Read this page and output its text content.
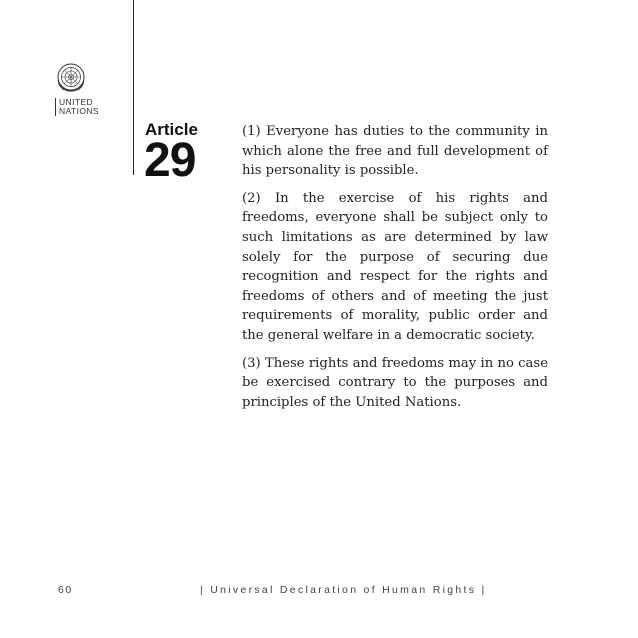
UNITED
NATIONS
Article
29

(1) Everyone has duties to the community in which alone the free and full development of his personality is possible.

(2) In the exercise of his rights and freedoms, everyone shall be subject only to such limitations as are determined by law solely for the purpose of securing due recognition and respect for the rights and freedoms of others and of meeting the just requirements of morality, public order and the general welfare in a democratic society.

(3) These rights and freedoms may in no case be exercised contrary to the purposes and principles of the United Nations.

60	| Universal Declaration of Human Rights |
